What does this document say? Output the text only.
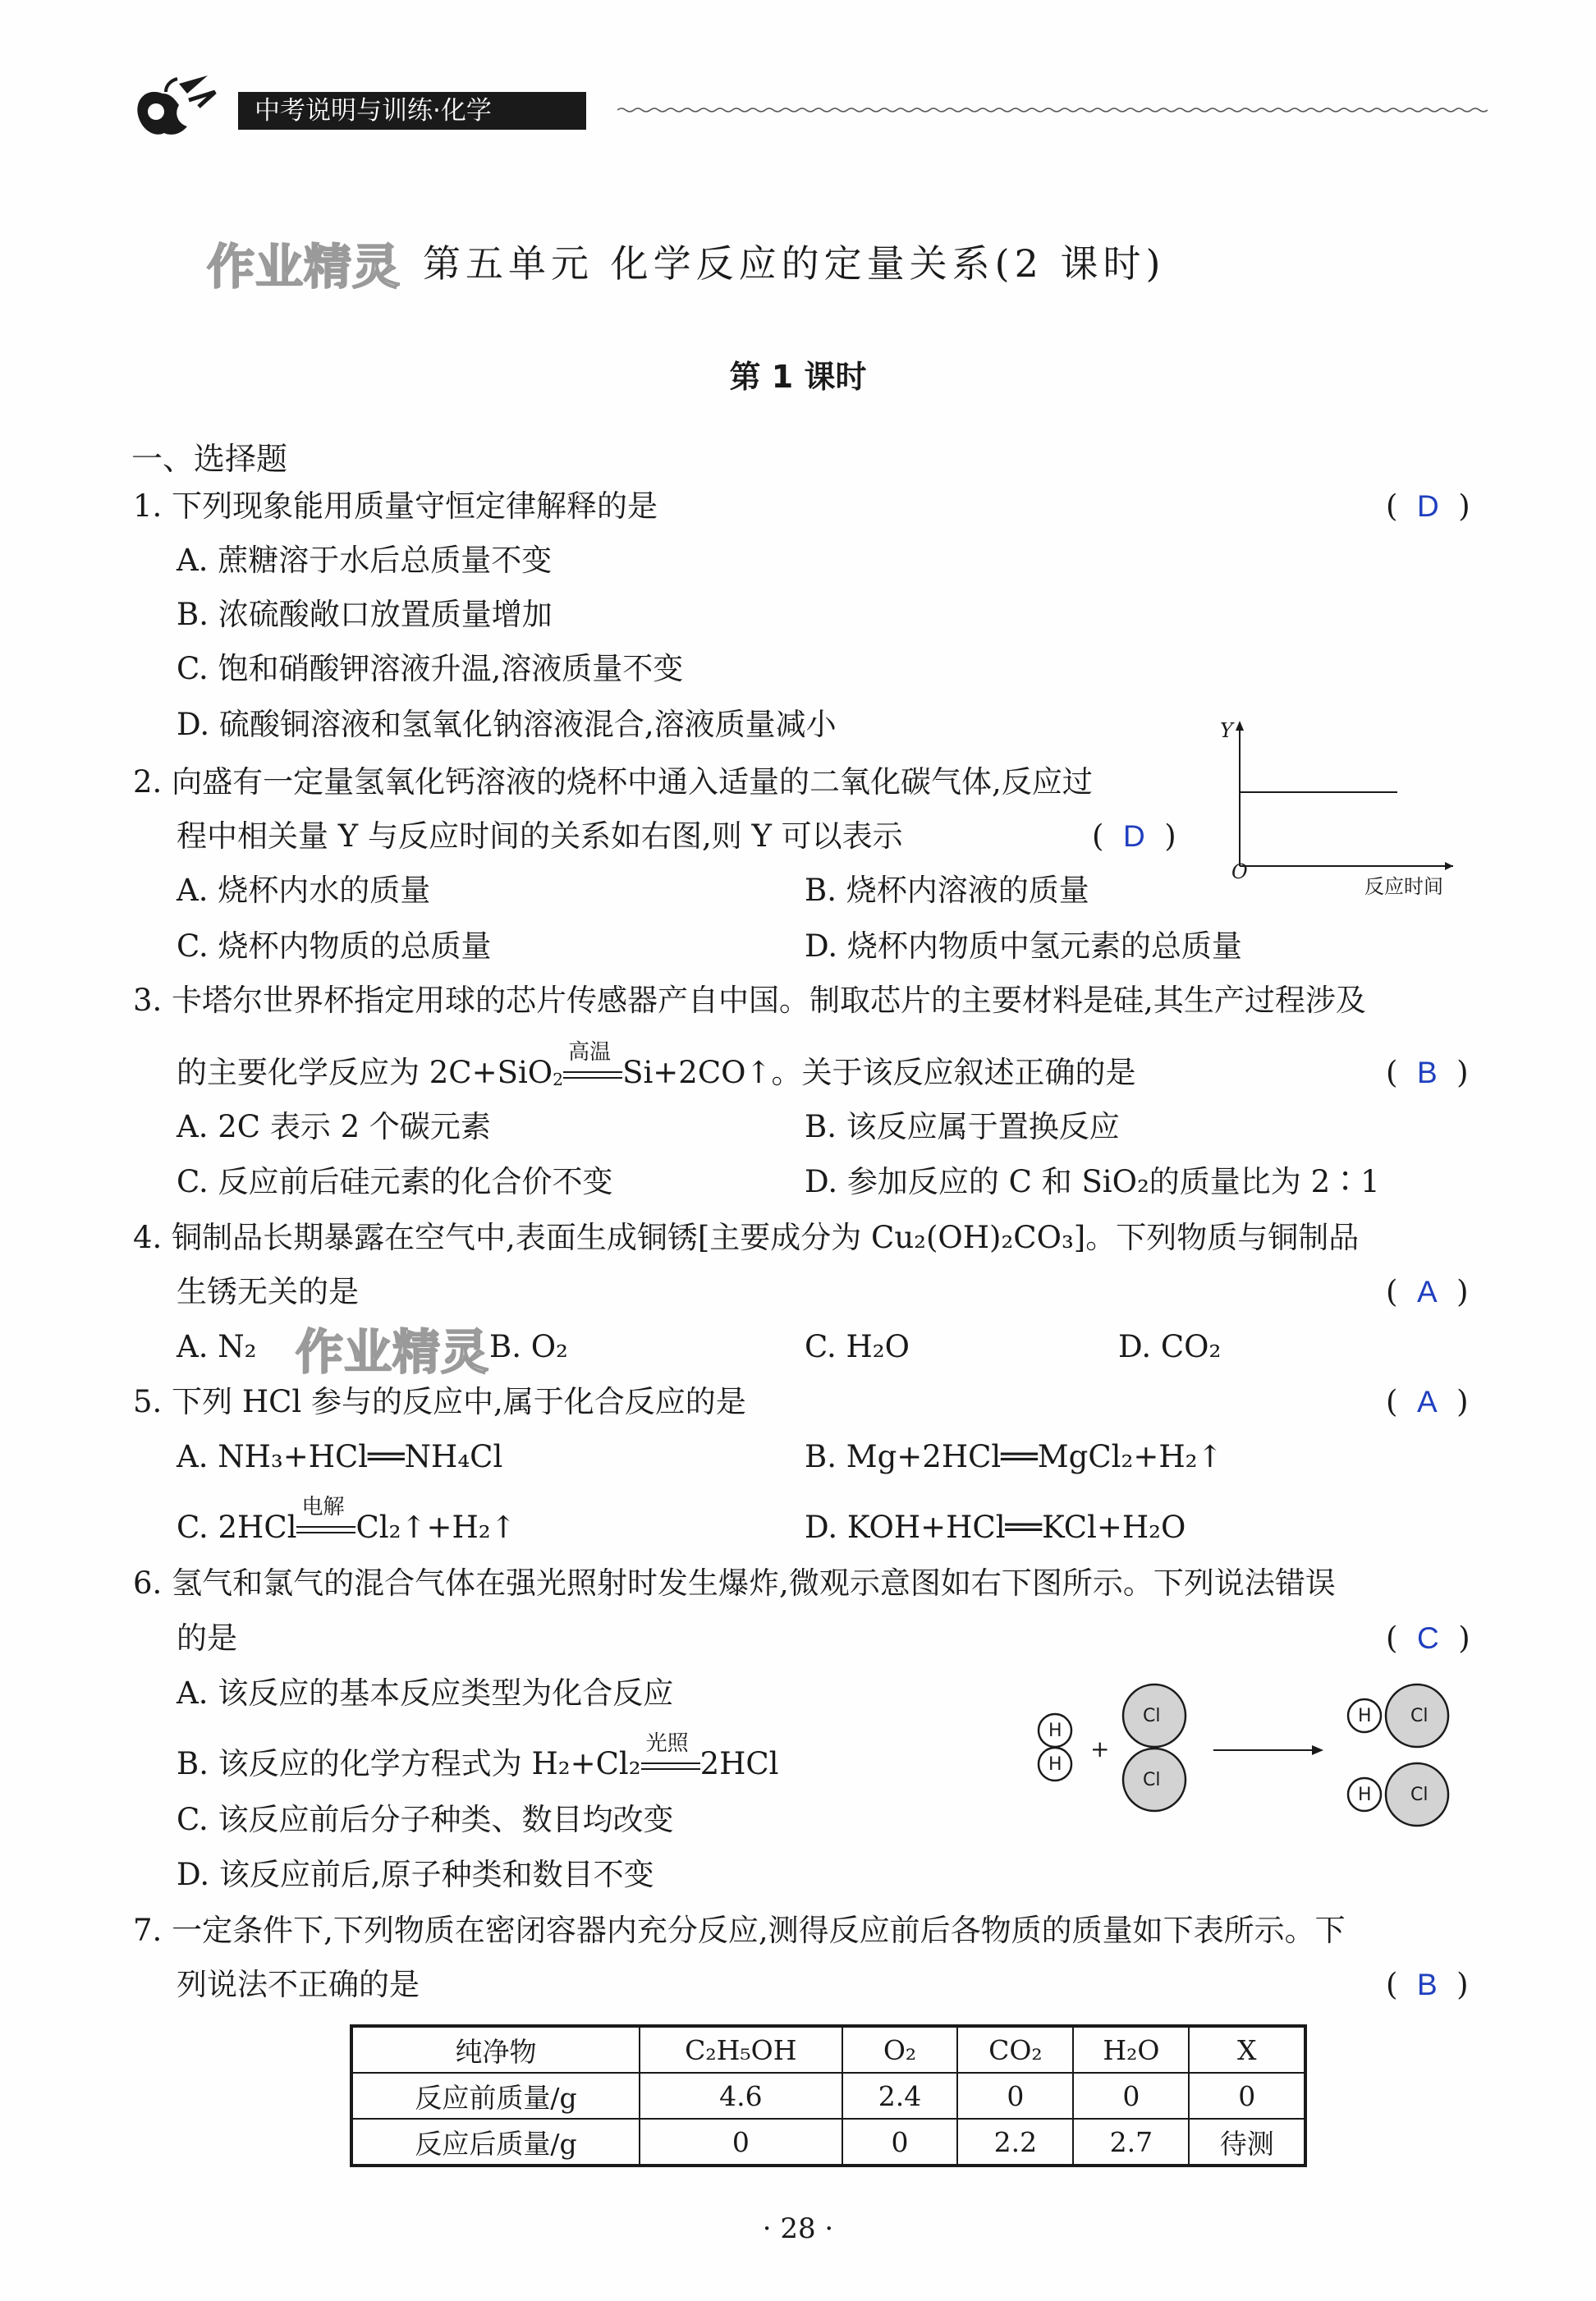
中考说明与训练·化学
作业精灵 第五单元 化学反应的定量关系(2 课时)
第 1 课时
一、选择题
1. 下列现象能用质量守恒定律解释的是	(  D  )
A. 蔗糖溶于水后总质量不变
B. 浓硫酸敞口放置质量增加
C. 饱和硝酸钾溶液升温,溶液质量不变
D. 硫酸铜溶液和氢氧化钠溶液混合,溶液质量减小
2. 向盛有一定量氢氧化钙溶液的烧杯中通入适量的二氧化碳气体,反应过
程中相关量 Y 与反应时间的关系如右图,则 Y 可以表示	(  D  )
Y
O
反应时间
A. 烧杯内水的质量	B. 烧杯内溶液的质量
C. 烧杯内物质的总质量	D. 烧杯内物质中氢元素的总质量
3. 卡塔尔世界杯指定用球的芯片传感器产自中国。制取芯片的主要材料是硅,其生产过程涉及
的主要化学反应为 2C+SiO$_2$
高温
Si+2CO↑。关于该反应叙述正确的是	(  B  )
A. 2C 表示 2 个碳元素	B. 该反应属于置换反应
C. 反应前后硅元素的化合价不变	D. 参加反应的 C 和 SiO₂的质量比为 2∶1
4. 铜制品长期暴露在空气中,表面生成铜锈[主要成分为 Cu₂(OH)₂CO₃]。下列物质与铜制品
生锈无关的是	(  A  )
作业精灵
A. N₂	B. O₂	C. H₂O	D. CO₂
5. 下列 HCl 参与的反应中,属于化合反应的是	(  A  )
A. NH₃+HCl══NH₄Cl	B. Mg+2HCl══MgCl₂+H₂↑
C. 2HCl
电解
Cl₂↑+H₂↑	D. KOH+HCl══KCl+H₂O
6. 氢气和氯气的混合气体在强光照射时发生爆炸,微观示意图如右下图所示。下列说法错误
的是	(  C  )
A. 该反应的基本反应类型为化合反应
B. 该反应的化学方程式为 H₂+Cl₂
光照
2HCl
C. 该反应前后分子种类、数目均改变
D. 该反应前后,原子种类和数目不变
H
H
+
Cl
Cl
H Cl
H Cl
7. 一定条件下,下列物质在密闭容器内充分反应,测得反应前后各物质的质量如下表所示。下
列说法不正确的是	(  B  )
纯净物	C₂H₅OH	O₂	CO₂	H₂O	X
反应前质量/g	4.6	2.4	0	0	0
反应后质量/g	0	0	2.2	2.7	待测
· 28 ·
